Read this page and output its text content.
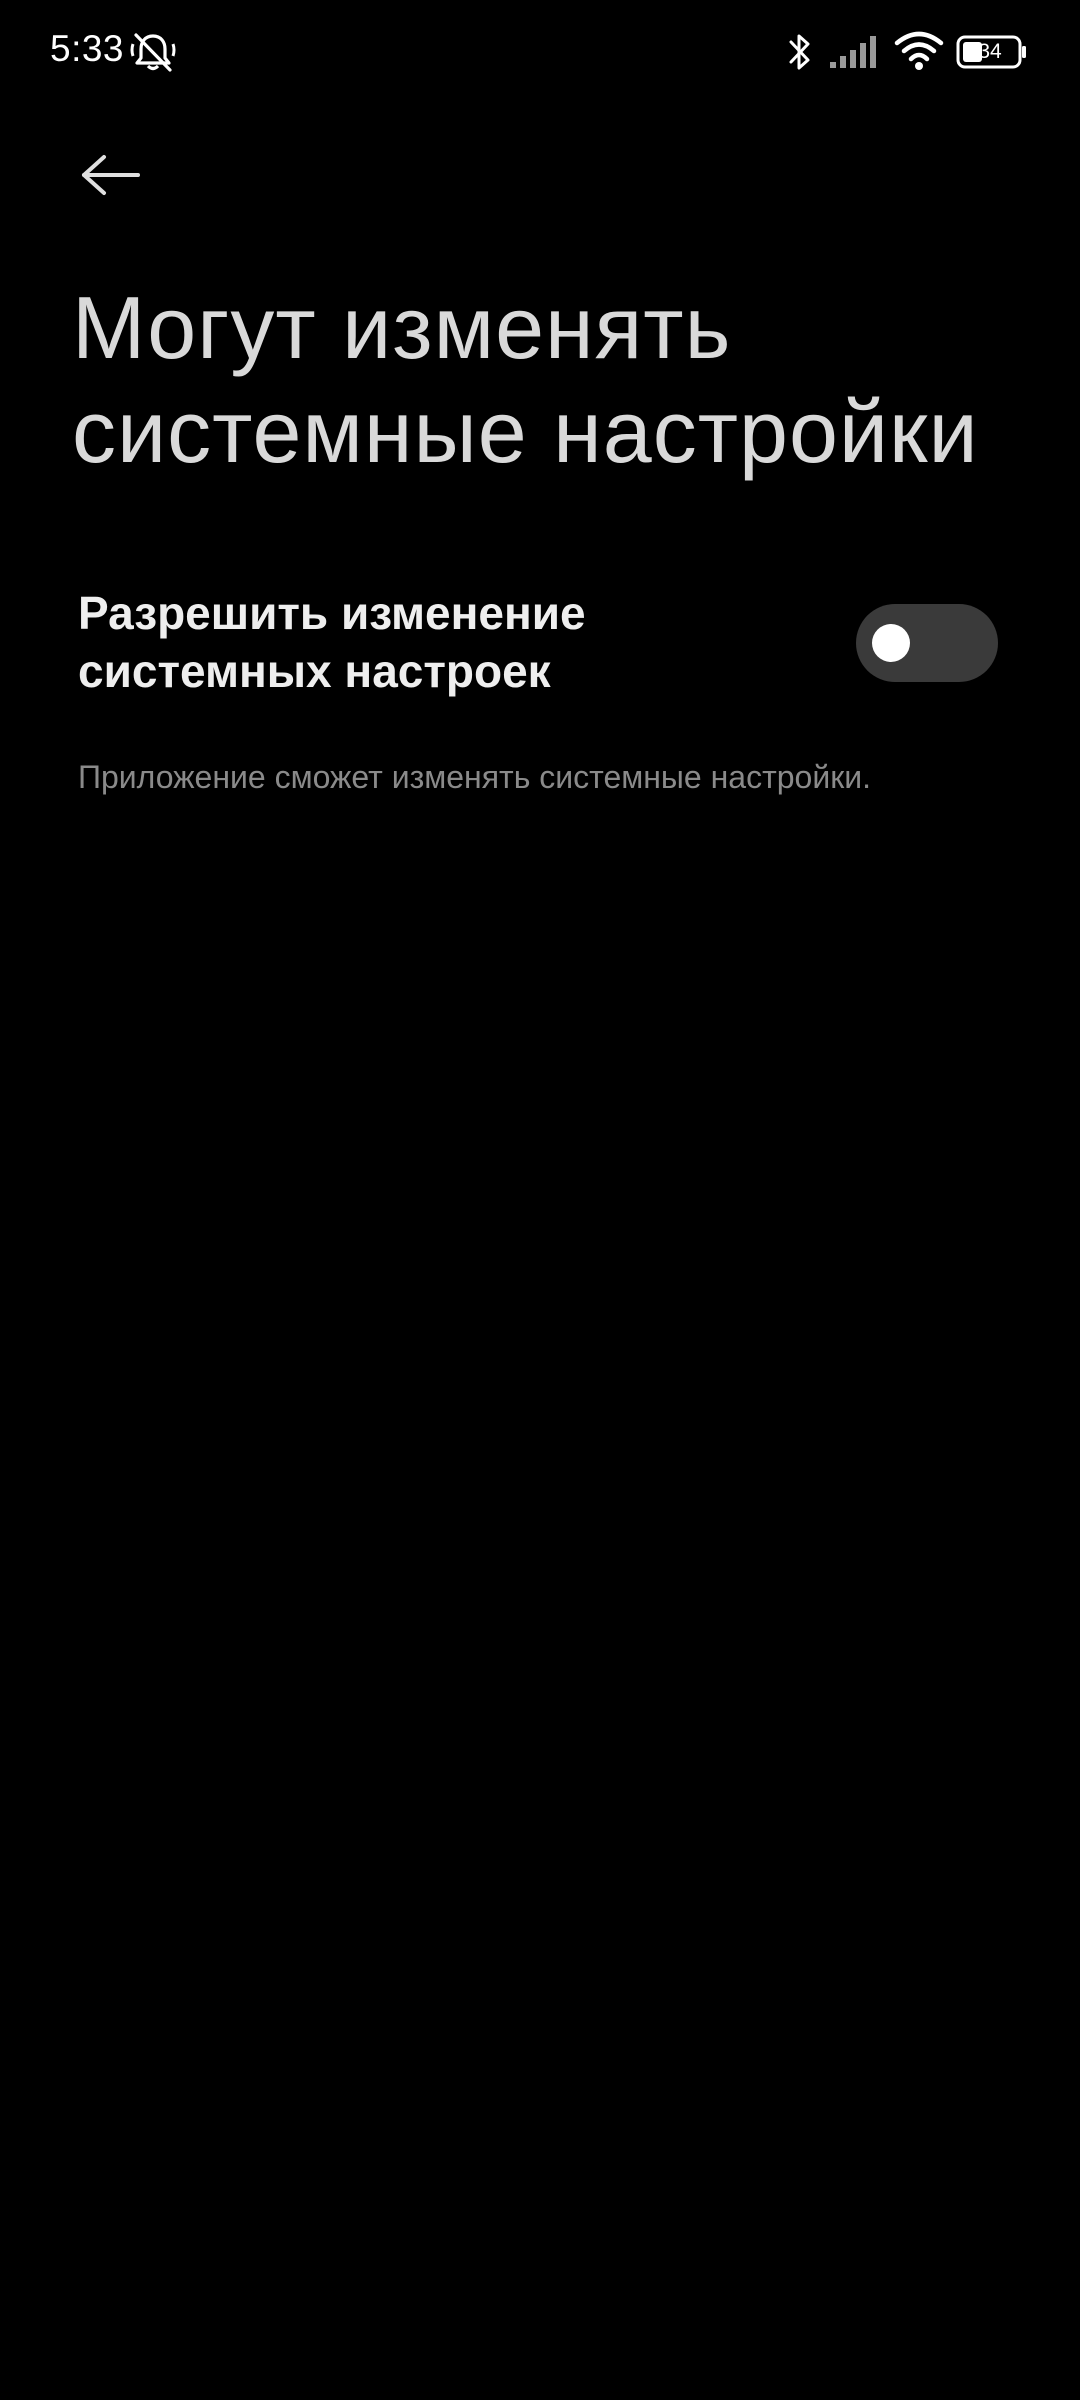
5:33	34
Могут изменять системные настройки
Разрешить изменение системных настроек
Приложение сможет изменять системные настройки.
